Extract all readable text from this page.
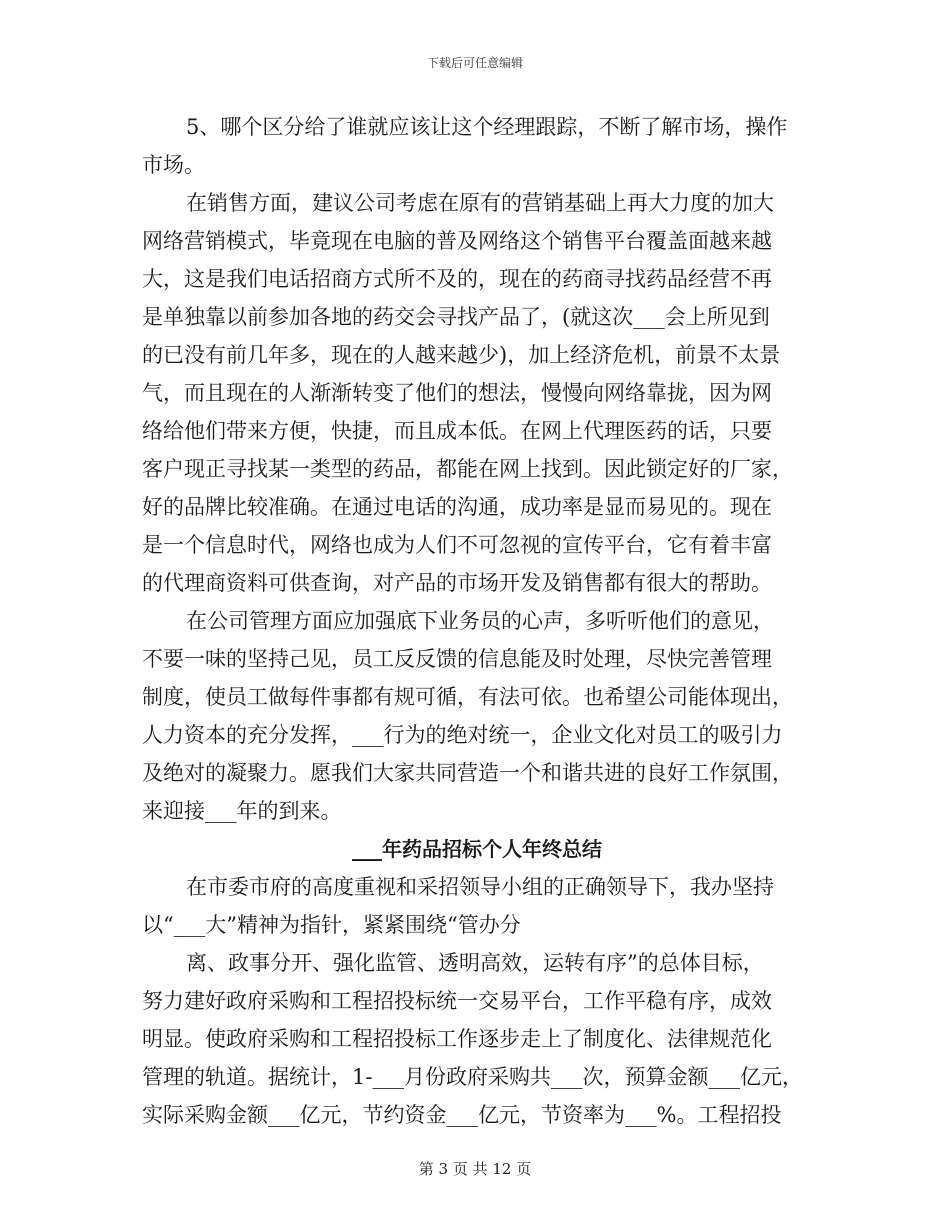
下载后可任意编辑
5、哪个区分给了谁就应该让这个经理跟踪，不断了解市场，操作
市场。
在销售方面，建议公司考虑在原有的营销基础上再大力度的加大
网络营销模式，毕竟现在电脑的普及网络这个销售平台覆盖面越来越
大，这是我们电话招商方式所不及的，现在的药商寻找药品经营不再
是单独靠以前参加各地的药交会寻找产品了，(就这次___会上所见到
的已没有前几年多，现在的人越来越少)，加上经济危机，前景不太景
气，而且现在的人渐渐转变了他们的想法，慢慢向网络靠拢，因为网
络给他们带来方便，快捷，而且成本低。在网上代理医药的话，只要
客户现正寻找某一类型的药品，都能在网上找到。因此锁定好的厂家，
好的品牌比较准确。在通过电话的沟通，成功率是显而易见的。现在
是一个信息时代，网络也成为人们不可忽视的宣传平台，它有着丰富
的代理商资料可供查询，对产品的市场开发及销售都有很大的帮助。
在公司管理方面应加强底下业务员的心声，多听听他们的意见，
不要一味的坚持己见，员工反反馈的信息能及时处理，尽快完善管理
制度，使员工做每件事都有规可循，有法可依。也希望公司能体现出，
人力资本的充分发挥，___行为的绝对统一，企业文化对员工的吸引力
及绝对的凝聚力。愿我们大家共同营造一个和谐共进的良好工作氛围，
来迎接___年的到来。
___年药品招标个人年终总结
在市委市府的高度重视和采招领导小组的正确领导下，我办坚持
以“___大”精神为指针，紧紧围绕“管办分
离、政事分开、强化监管、透明高效，运转有序”的总体目标，
努力建好政府采购和工程招投标统一交易平台，工作平稳有序，成效
明显。使政府采购和工程招投标工作逐步走上了制度化、法律规范化
管理的轨道。据统计，1-___月份政府采购共___次，预算金额___亿元，
实际采购金额___亿元，节约资金___亿元，节资率为___%。工程招投
第 3 页 共 12 页
